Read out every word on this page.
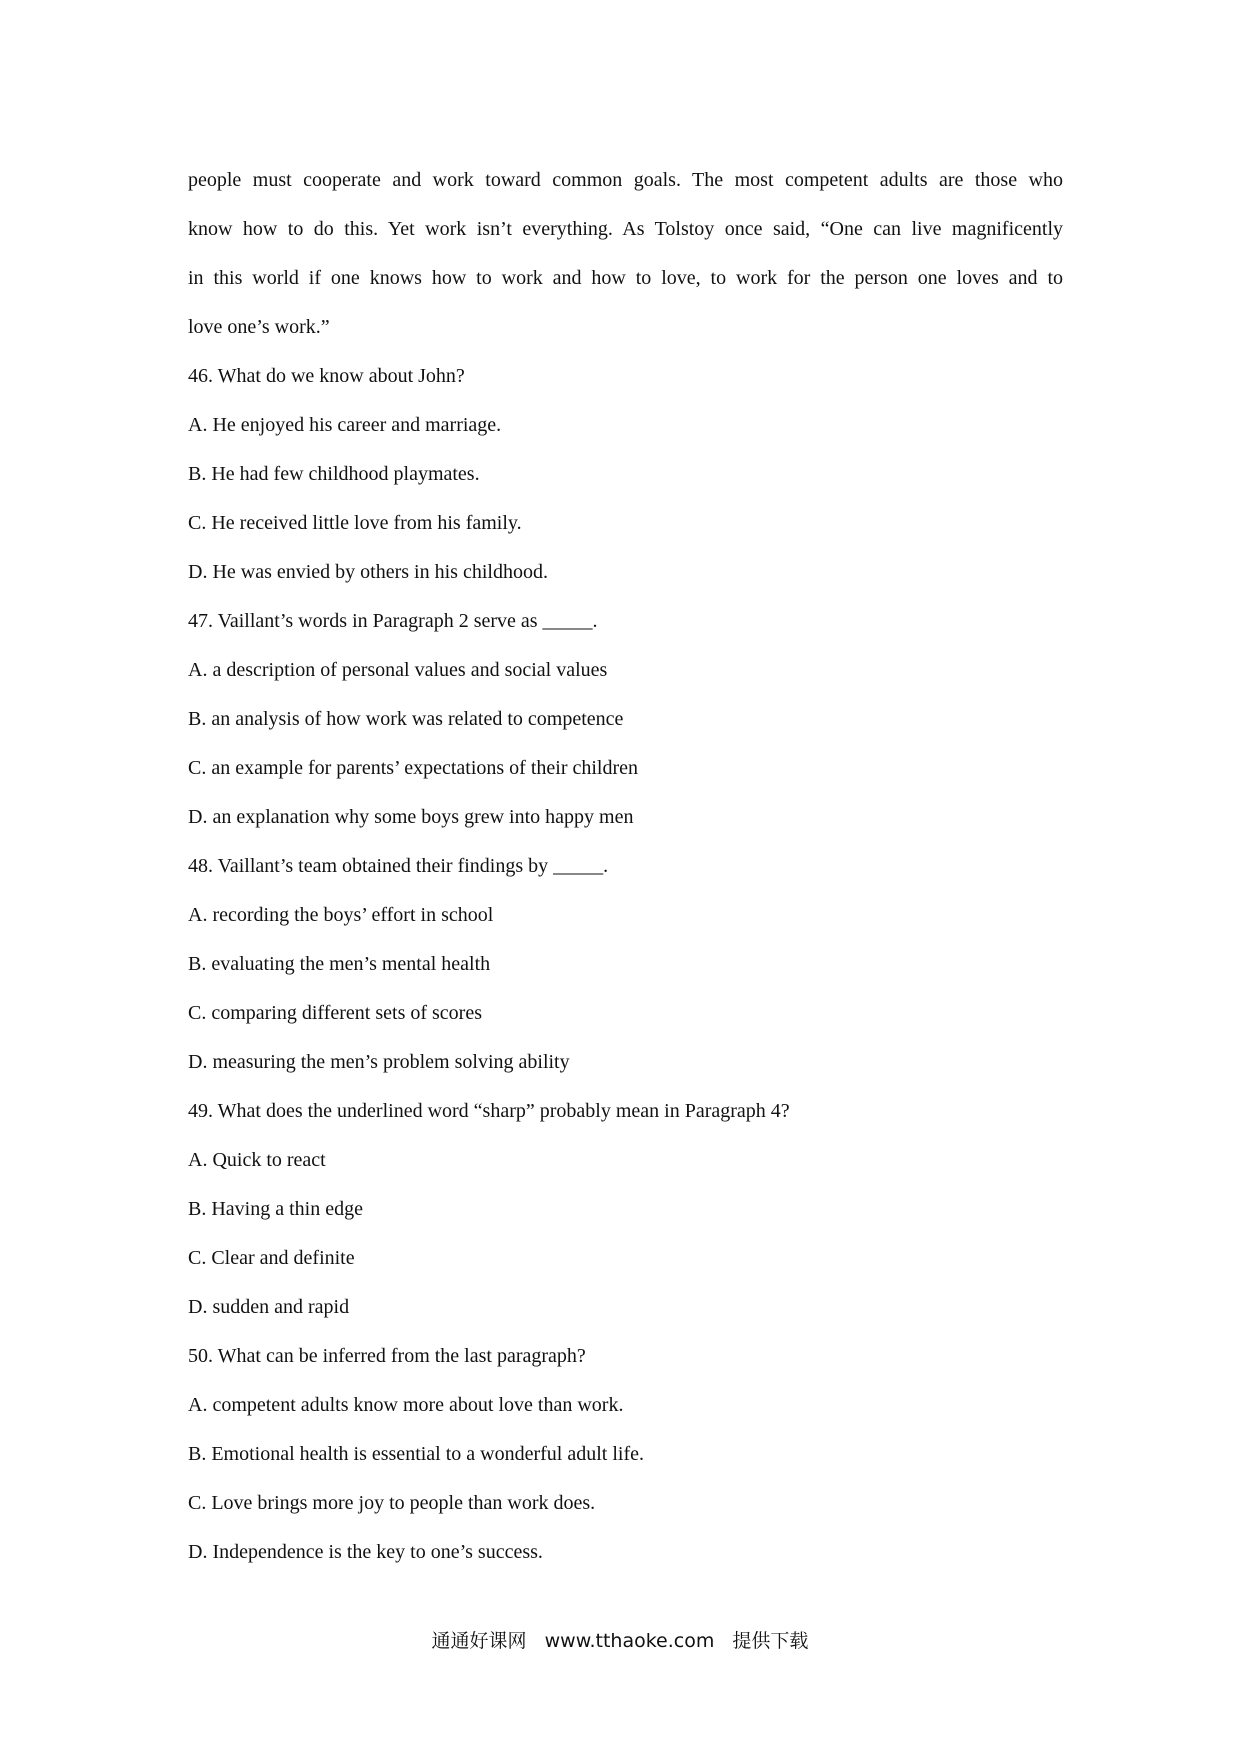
people must cooperate and work toward common goals. The most competent adults are those who
know how to do this. Yet work isn’t everything. As Tolstoy once said, “One can live magnificently
in this world if one knows how to work and how to love, to work for the person one loves and to
love one’s work.”
46. What do we know about John?
A. He enjoyed his career and marriage.
B. He had few childhood playmates.
C. He received little love from his family.
D. He was envied by others in his childhood.
47. Vaillant’s words in Paragraph 2 serve as _____.
A. a description of personal values and social values
B. an analysis of how work was related to competence
C. an example for parents’ expectations of their children
D. an explanation why some boys grew into happy men
48. Vaillant’s team obtained their findings by _____.
A. recording the boys’ effort in school
B. evaluating the men’s mental health
C. comparing different sets of scores
D. measuring the men’s problem solving ability
49. What does the underlined word “sharp” probably mean in Paragraph 4?
A. Quick to react
B. Having a thin edge
C. Clear and definite
D. sudden and rapid
50. What can be inferred from the last paragraph?
A. competent adults know more about love than work.
B. Emotional health is essential to a wonderful adult life.
C. Love brings more joy to people than work does.
D. Independence is the key to one’s success.
通通好课网 www.tthaoke.com 提供下载
